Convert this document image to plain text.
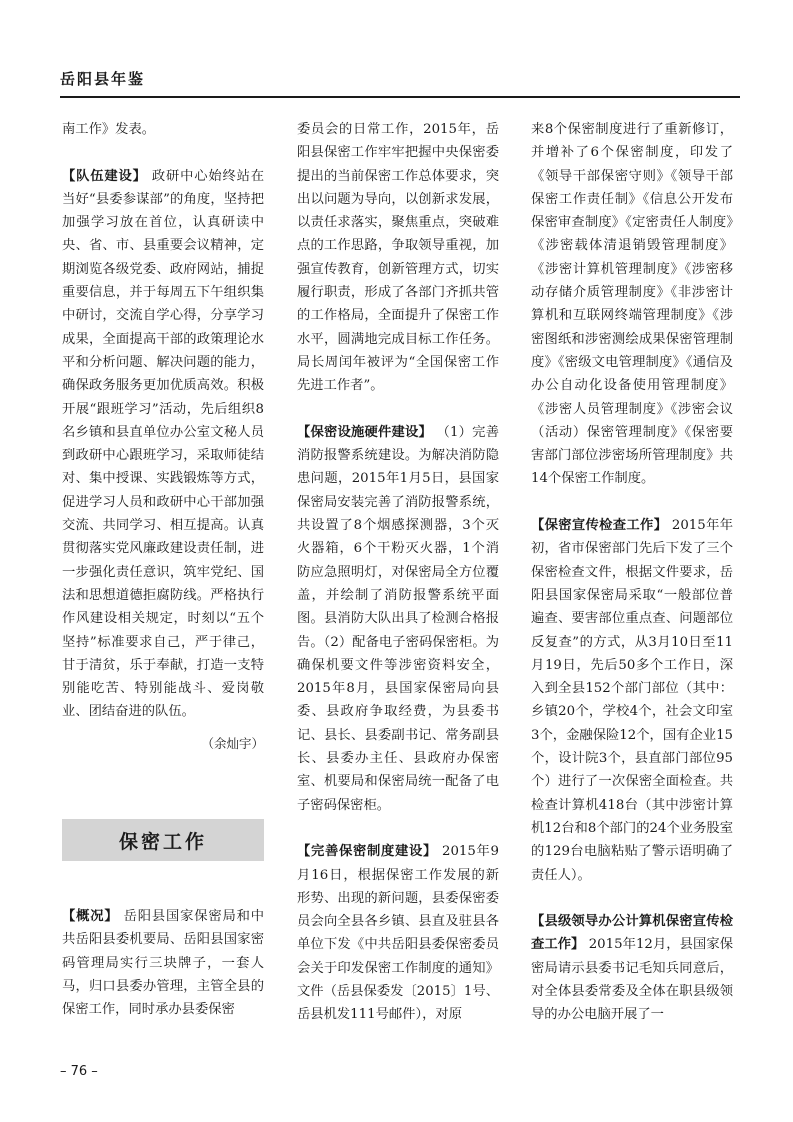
岳阳县年鉴

南工作》发表。

【队伍建设】 政研中心始终站在当好“县委参谋部”的角度，坚持把加强学习放在首位，认真研读中央、省、市、县重要会议精神，定期浏览各级党委、政府网站，捕捉重要信息，并于每周五下午组织集中研讨，交流自学心得，分享学习成果，全面提高干部的政策理论水平和分析问题、解决问题的能力，确保政务服务更加优质高效。积极开展“跟班学习”活动，先后组织8名乡镇和县直单位办公室文秘人员到政研中心跟班学习，采取师徒结对、集中授课、实践锻炼等方式，促进学习人员和政研中心干部加强交流、共同学习、相互提高。认真贯彻落实党风廉政建设责任制，进一步强化责任意识，筑牢党纪、国法和思想道德拒腐防线。严格执行作风建设相关规定，时刻以“五个坚持”标准要求自己，严于律己，甘于清贫，乐于奉献，打造一支特别能吃苦、特别能战斗、爱岗敬业、团结奋进的队伍。

（余灿宇）
保密工作

【概况】 岳阳县国家保密局和中共岳阳县委机要局、岳阳县国家密码管理局实行三块牌子，一套人马，归口县委办管理，主管全县的保密工作，同时承办县委保密

委员会的日常工作，2015年，岳阳县保密工作牢牢把握中央保密委提出的当前保密工作总体要求，突出以问题为导向，以创新求发展，以责任求落实，聚焦重点，突破难点的工作思路，争取领导重视，加强宣传教育，创新管理方式，切实履行职责，形成了各部门齐抓共管的工作格局，全面提升了保密工作水平，圆满地完成目标工作任务。局长周闰年被评为“全国保密工作先进工作者”。

【保密设施硬件建设】 （1）完善消防报警系统建设。为解决消防隐患问题，2015年1月5日，县国家保密局安装完善了消防报警系统，共设置了8个烟感探测器，3个灭火器箱，6个干粉灭火器，1个消防应急照明灯，对保密局全方位覆盖，并绘制了消防报警系统平面图。县消防大队出具了检测合格报告。（2）配备电子密码保密柜。为确保机要文件等涉密资料安全，2015年8月，县国家保密局向县委、县政府争取经费，为县委书记、县长、县委副书记、常务副县长、县委办主任、县政府办保密室、机要局和保密局统一配备了电子密码保密柜。

【完善保密制度建设】 2015年9月16日，根据保密工作发展的新形势、出现的新问题，县委保密委员会向全县各乡镇、县直及驻县各单位下发《中共岳阳县委保密委员会关于印发保密工作制度的通知》文件（岳县保委发〔2015〕1号、岳县机发111号邮件），对原

来8个保密制度进行了重新修订，并增补了6个保密制度，印发了《领导干部保密守则》《领导干部保密工作责任制》《信息公开发布保密审查制度》《定密责任人制度》《涉密载体清退销毁管理制度》《涉密计算机管理制度》《涉密移动存储介质管理制度》《非涉密计算机和互联网终端管理制度》《涉密图纸和涉密测绘成果保密管理制度》《密级文电管理制度》《通信及办公自动化设备使用管理制度》《涉密人员管理制度》《涉密会议（活动）保密管理制度》《保密要害部门部位涉密场所管理制度》共14个保密工作制度。

【保密宣传检查工作】 2015年年初，省市保密部门先后下发了三个保密检查文件，根据文件要求，岳阳县国家保密局采取“一般部位普遍查、要害部位重点查、问题部位反复查”的方式，从3月10日至11月19日，先后50多个工作日，深入到全县152个部门部位（其中：乡镇20个，学校4个，社会文印室3个，金融保险12个，国有企业15个，设计院3个，县直部门部位95个）进行了一次保密全面检查。共检查计算机418台（其中涉密计算机12台和8个部门的24个业务股室的129台电脑粘贴了警示语明确了责任人）。

【县级领导办公计算机保密宣传检查工作】 2015年12月，县国家保密局请示县委书记毛知兵同意后，对全体县委常委及全体在职县级领导的办公电脑开展了一

– 76 –
